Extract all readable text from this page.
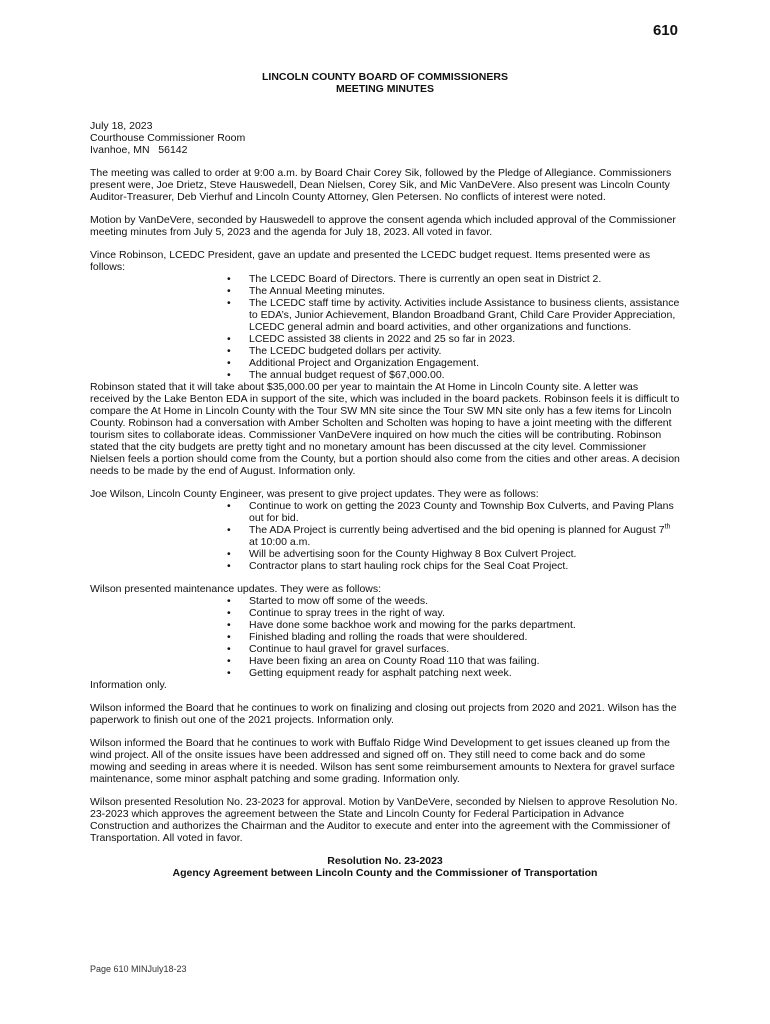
610
LINCOLN COUNTY BOARD OF COMMISSIONERS
MEETING MINUTES
July 18, 2023
Courthouse Commissioner Room
Ivanhoe, MN   56142

The meeting was called to order at 9:00 a.m. by Board Chair Corey Sik, followed by the Pledge of Allegiance. Commissioners present were, Joe Drietz, Steve Hauswedell, Dean Nielsen, Corey Sik, and Mic VanDeVere. Also present was Lincoln County Auditor-Treasurer, Deb Vierhuf and Lincoln County Attorney, Glen Petersen. No conflicts of interest were noted.

Motion by VanDeVere, seconded by Hauswedell to approve the consent agenda which included approval of the Commissioner meeting minutes from July 5, 2023 and the agenda for July 18, 2023. All voted in favor.

Vince Robinson, LCEDC President, gave an update and presented the LCEDC budget request. Items presented were as follows:

• The LCEDC Board of Directors. There is currently an open seat in District 2.
• The Annual Meeting minutes.
• The LCEDC staff time by activity. Activities include Assistance to business clients, assistance to EDA’s, Junior Achievement, Blandon Broadband Grant, Child Care Provider Appreciation, LCEDC general admin and board activities, and other organizations and functions.
• LCEDC assisted 38 clients in 2022 and 25 so far in 2023.
• The LCEDC budgeted dollars per activity.
• Additional Project and Organization Engagement.
• The annual budget request of $67,000.00.

Robinson stated that it will take about $35,000.00 per year to maintain the At Home in Lincoln County site. A letter was received by the Lake Benton EDA in support of the site, which was included in the board packets. Robinson feels it is difficult to compare the At Home in Lincoln County with the Tour SW MN site since the Tour SW MN site only has a few items for Lincoln County. Robinson had a conversation with Amber Scholten and Scholten was hoping to have a joint meeting with the different tourism sites to collaborate ideas. Commissioner VanDeVere inquired on how much the cities will be contributing. Robinson stated that the city budgets are pretty tight and no monetary amount has been discussed at the city level. Commissioner Nielsen feels a portion should come from the County, but a portion should also come from the cities and other areas. A decision needs to be made by the end of August. Information only.

Joe Wilson, Lincoln County Engineer, was present to give project updates. They were as follows:

• Continue to work on getting the 2023 County and Township Box Culverts, and Paving Plans out for bid.
• The ADA Project is currently being advertised and the bid opening is planned for August 7th at 10:00 a.m.
• Will be advertising soon for the County Highway 8 Box Culvert Project.
• Contractor plans to start hauling rock chips for the Seal Coat Project.

Wilson presented maintenance updates. They were as follows:

• Started to mow off some of the weeds.
• Continue to spray trees in the right of way.
• Have done some backhoe work and mowing for the parks department.
• Finished blading and rolling the roads that were shouldered.
• Continue to haul gravel for gravel surfaces.
• Have been fixing an area on County Road 110 that was failing.
• Getting equipment ready for asphalt patching next week.

Information only.

Wilson informed the Board that he continues to work on finalizing and closing out projects from 2020 and 2021. Wilson has the paperwork to finish out one of the 2021 projects. Information only.

Wilson informed the Board that he continues to work with Buffalo Ridge Wind Development to get issues cleaned up from the wind project. All of the onsite issues have been addressed and signed off on. They still need to come back and do some mowing and seeding in areas where it is needed. Wilson has sent some reimbursement amounts to Nextera for gravel surface maintenance, some minor asphalt patching and some grading. Information only.

Wilson presented Resolution No. 23-2023 for approval. Motion by VanDeVere, seconded by Nielsen to approve Resolution No. 23-2023 which approves the agreement between the State and Lincoln County for Federal Participation in Advance Construction and authorizes the Chairman and the Auditor to execute and enter into the agreement with the Commissioner of Transportation. All voted in favor.

Resolution No. 23-2023
Agency Agreement between Lincoln County and the Commissioner of Transportation
Page 610 MINJuly18-23
